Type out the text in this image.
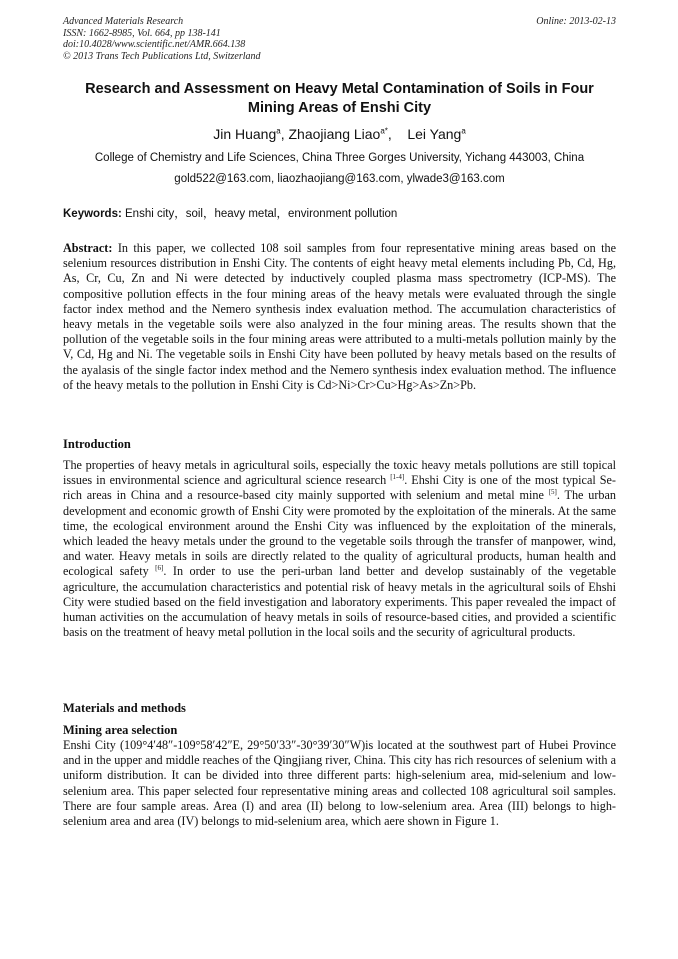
Advanced Materials Research
ISSN: 1662-8985, Vol. 664, pp 138-141
doi:10.4028/www.scientific.net/AMR.664.138
© 2013 Trans Tech Publications Ltd, Switzerland
Online: 2013-02-13
Research and Assessment on Heavy Metal Contamination of Soils in Four Mining Areas of Enshi City
Jin Huang$^a$, Zhaojiang Liao$^{a*}$,    Lei Yang$^a$
College of Chemistry and Life Sciences, China Three Gorges University, Yichang 443003, China
gold522@163.com, liaozhaojiang@163.com, ylwade3@163.com
Keywords: Enshi city，soil，heavy metal，environment pollution
Abstract: In this paper, we collected 108 soil samples from four representative mining areas based on the selenium resources distribution in Enshi City. The contents of eight heavy metal elements including Pb, Cd, Hg, As, Cr, Cu, Zn and Ni were detected by inductively coupled plasma mass spectrometry (ICP-MS). The compositive pollution effects in the four mining areas of the heavy metals were evaluated through the single factor index method and the Nemero synthesis index evaluation method. The accumulation characteristics of heavy metals in the vegetable soils were also analyzed in the four mining areas. The results shown that the pollution of the vegetable soils in the four mining areas were attributed to a multi-metals pollution mainly by the V, Cd, Hg and Ni. The vegetable soils in Enshi City have been polluted by heavy metals based on the results of the ayalasis of the single factor index method and the Nemero synthesis index evaluation method. The influence of the heavy metals to the pollution in Enshi City is Cd>Ni>Cr>Cu>Hg>As>Zn>Pb.
Introduction
The properties of heavy metals in agricultural soils, especially the toxic heavy metals pollutions are still topical issues in environmental science and agricultural science research [1-4]. Ehshi City is one of the most typical Se-rich areas in China and a resource-based city mainly supported with selenium and metal mine [5]. The urban development and economic growth of Enshi City were promoted by the exploitation of the minerals. At the same time, the ecological environment around the Enshi City was influenced by the exploitation of the minerals, which leaded the heavy metals under the ground to the vegetable soils through the transfer of manpower, wind, and water. Heavy metals in soils are directly related to the quality of agricultural products, human health and ecological safety [6]. In order to use the peri-urban land better and develop sustainably of the vegetable agriculture, the accumulation characteristics and potential risk of heavy metals in the agricultural soils of Ehshi City were studied based on the field investigation and laboratory experiments. This paper revealed the impact of human activities on the accumulation of heavy metals in soils of resource-based cities, and provided a scientific basis on the treatment of heavy metal pollution in the local soils and the security of agricultural products.
Materials and methods
Mining area selection
Enshi City (109°4′48″-109°58′42″E, 29°50′33″-30°39′30″W)is located at the southwest part of Hubei Province and in the upper and middle reaches of the Qingjiang river, China. This city has rich resources of selenium with a uniform distribution. It can be divided into three different parts: high-selenium area, mid-selenium and low-selenium area. This paper selected four representative mining areas and collected 108 agricultural soil samples. There are four sample areas. Area (I) and area (II) belong to low-selenium area. Area (III) belongs to high-selenium area and area (IV) belongs to mid-selenium area, which aere shown in Figure 1.
